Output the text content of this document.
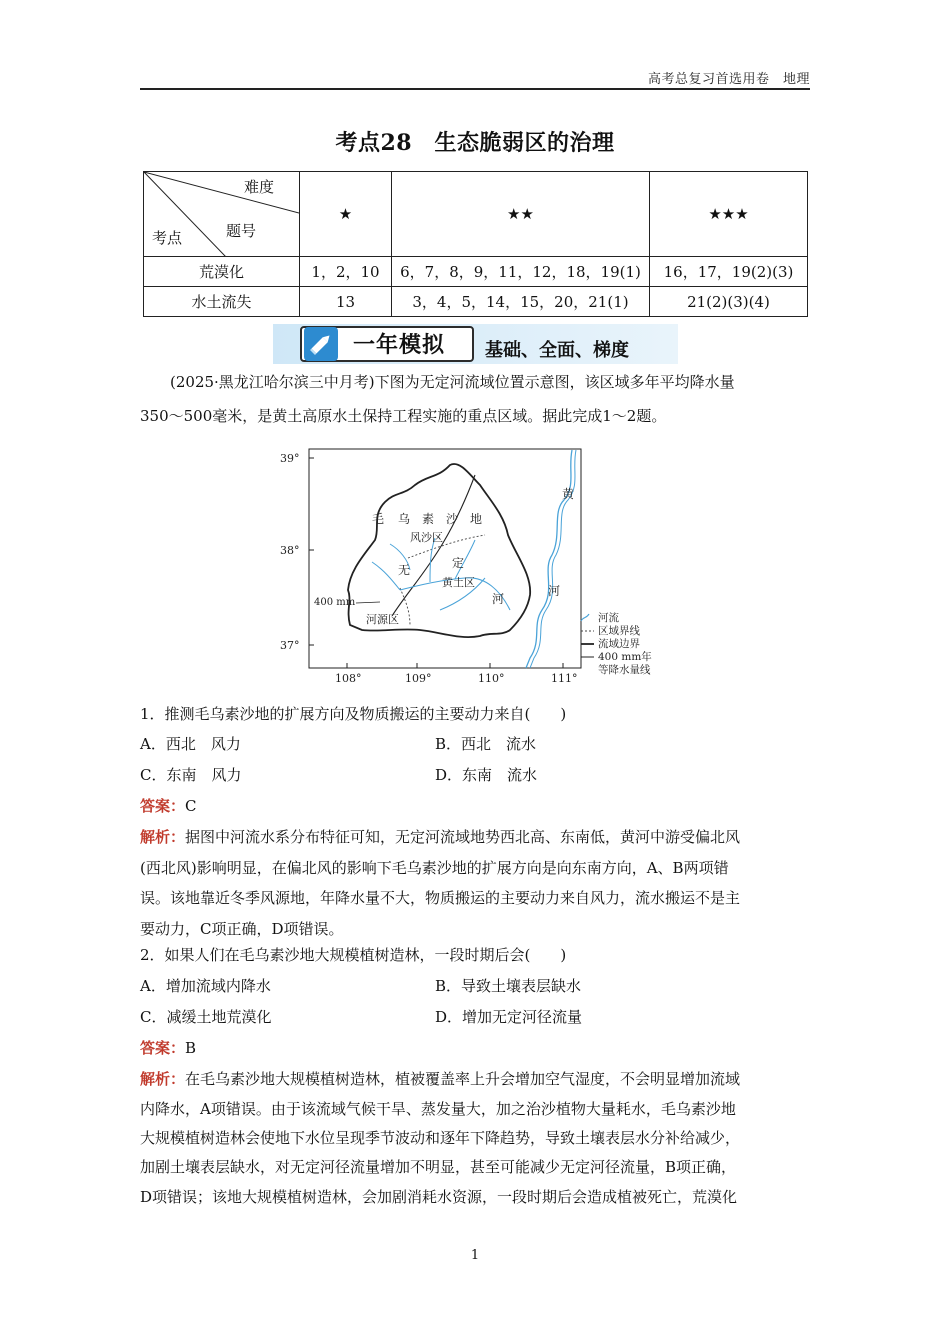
高考总复习首选用卷　地理
考点28　生态脆弱区的治理
难度
题号
考点	★	★★	★★★
荒漠化	1，2，10	6，7，8，9，11，12，18，19(1)	16，17，19(2)(3)
水土流失	13	3，4，5，14，15，20，21(1)	21(2)(3)(4)
一年模拟 基础、全面、梯度
(2025·黑龙江哈尔滨三中月考)下图为无定河流域位置示意图，该区域多年平均降水量
350～500毫米，是黄土高原水土保持工程实施的重点区域。据此完成1～2题。
39°
38°
37°
108°	109°	110°	111°
毛 乌 素 沙 地
风沙区
无	定
黄土区
河
河源区
400 mm
黄
河
河流
区域界线
流域边界
400 mm年
等降水量线
1．推测毛乌素沙地的扩展方向及物质搬运的主要动力来自(　　)
A．西北　风力	B．西北　流水
C．东南　风力	D．东南　流水
答案：C
解析：据图中河流水系分布特征可知，无定河流域地势西北高、东南低，黄河中游受偏北风
(西北风)影响明显，在偏北风的影响下毛乌素沙地的扩展方向是向东南方向，A、B两项错
误。该地靠近冬季风源地，年降水量不大，物质搬运的主要动力来自风力，流水搬运不是主
要动力，C项正确，D项错误。
2．如果人们在毛乌素沙地大规模植树造林，一段时期后会(　　)
A．增加流域内降水	B．导致土壤表层缺水
C．减缓土地荒漠化	D．增加无定河径流量
答案：B
解析：在毛乌素沙地大规模植树造林，植被覆盖率上升会增加空气湿度，不会明显增加流域
内降水，A项错误。由于该流域气候干旱、蒸发量大，加之治沙植物大量耗水，毛乌素沙地
大规模植树造林会使地下水位呈现季节波动和逐年下降趋势，导致土壤表层水分补给减少，
加剧土壤表层缺水，对无定河径流量增加不明显，甚至可能减少无定河径流量，B项正确，
D项错误；该地大规模植树造林，会加剧消耗水资源，一段时期后会造成植被死亡，荒漠化
1
